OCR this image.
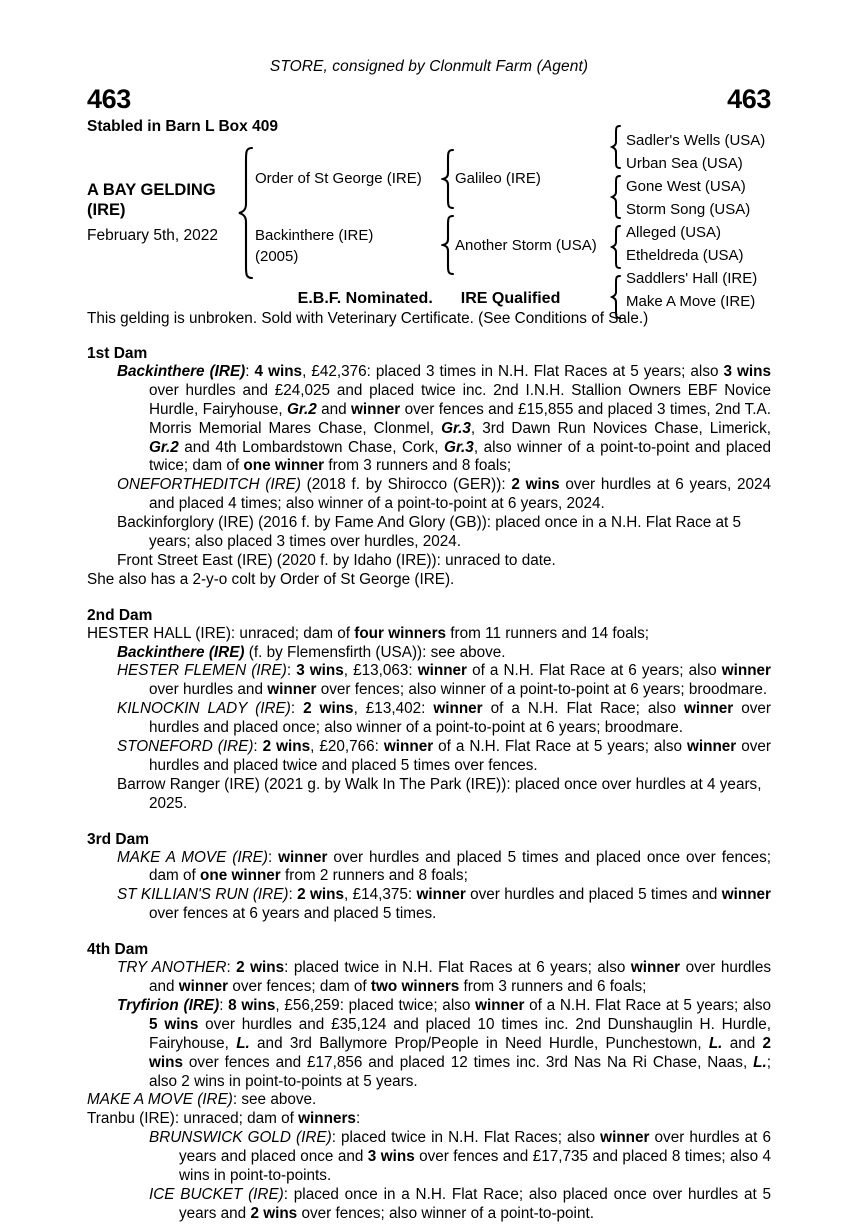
STORE, consigned by Clonmult Farm (Agent)
463	463
Stabled in Barn L Box 409
A BAY GELDING (IRE)
February 5th, 2022
Order of St George (IRE)
Backinthere (IRE)
(2005)
Galileo (IRE)
Another Storm (USA)
Sadler's Wells (USA)
Urban Sea (USA)
Gone West (USA)
Storm Song (USA)
Alleged (USA)
Etheldreda (USA)
Saddlers' Hall (IRE)
Make A Move (IRE)
E.B.F. Nominated. IRE Qualified
This gelding is unbroken. Sold with Veterinary Certificate. (See Conditions of Sale.)
1st Dam

Backinthere (IRE): 4 wins, £42,376: placed 3 times in N.H. Flat Races at 5 years; also 3 wins over hurdles and £24,025 and placed twice inc. 2nd I.N.H. Stallion Owners EBF Novice Hurdle, Fairyhouse, Gr.2 and winner over fences and £15,855 and placed 3 times, 2nd T.A. Morris Memorial Mares Chase, Clonmel, Gr.3, 3rd Dawn Run Novices Chase, Limerick, Gr.2 and 4th Lombardstown Chase, Cork, Gr.3, also winner of a point-to-point and placed twice; dam of one winner from 3 runners and 8 foals;

ONEFORTHEDITCH (IRE) (2018 f. by Shirocco (GER)): 2 wins over hurdles at 6 years, 2024 and placed 4 times; also winner of a point-to-point at 6 years, 2024.

Backinforglory (IRE) (2016 f. by Fame And Glory (GB)): placed once in a N.H. Flat Race at 5 years; also placed 3 times over hurdles, 2024.

Front Street East (IRE) (2020 f. by Idaho (IRE)): unraced to date.

She also has a 2-y-o colt by Order of St George (IRE).

2nd Dam

HESTER HALL (IRE): unraced; dam of four winners from 11 runners and 14 foals;

Backinthere (IRE) (f. by Flemensfirth (USA)): see above.

HESTER FLEMEN (IRE): 3 wins, £13,063: winner of a N.H. Flat Race at 6 years; also winner over hurdles and winner over fences; also winner of a point-to-point at 6 years; broodmare.

KILNOCKIN LADY (IRE): 2 wins, £13,402: winner of a N.H. Flat Race; also winner over hurdles and placed once; also winner of a point-to-point at 6 years; broodmare.

STONEFORD (IRE): 2 wins, £20,766: winner of a N.H. Flat Race at 5 years; also winner over hurdles and placed twice and placed 5 times over fences.

Barrow Ranger (IRE) (2021 g. by Walk In The Park (IRE)): placed once over hurdles at 4 years, 2025.

3rd Dam

MAKE A MOVE (IRE): winner over hurdles and placed 5 times and placed once over fences; dam of one winner from 2 runners and 8 foals;

ST KILLIAN'S RUN (IRE): 2 wins, £14,375: winner over hurdles and placed 5 times and winner over fences at 6 years and placed 5 times.

4th Dam

TRY ANOTHER: 2 wins: placed twice in N.H. Flat Races at 6 years; also winner over hurdles and winner over fences; dam of two winners from 3 runners and 6 foals;

Tryfirion (IRE): 8 wins, £56,259: placed twice; also winner of a N.H. Flat Race at 5 years; also 5 wins over hurdles and £35,124 and placed 10 times inc. 2nd Dunshauglin H. Hurdle, Fairyhouse, L. and 3rd Ballymore Prop/People in Need Hurdle, Punchestown, L. and 2 wins over fences and £17,856 and placed 12 times inc. 3rd Nas Na Ri Chase, Naas, L.; also 2 wins in point-to-points at 5 years.

MAKE A MOVE (IRE): see above.

Tranbu (IRE): unraced; dam of winners:

BRUNSWICK GOLD (IRE): placed twice in N.H. Flat Races; also winner over hurdles at 6 years and placed once and 3 wins over fences and £17,735 and placed 8 times; also 4 wins in point-to-points.

ICE BUCKET (IRE): placed once in a N.H. Flat Race; also placed once over hurdles at 5 years and 2 wins over fences; also winner of a point-to-point.
